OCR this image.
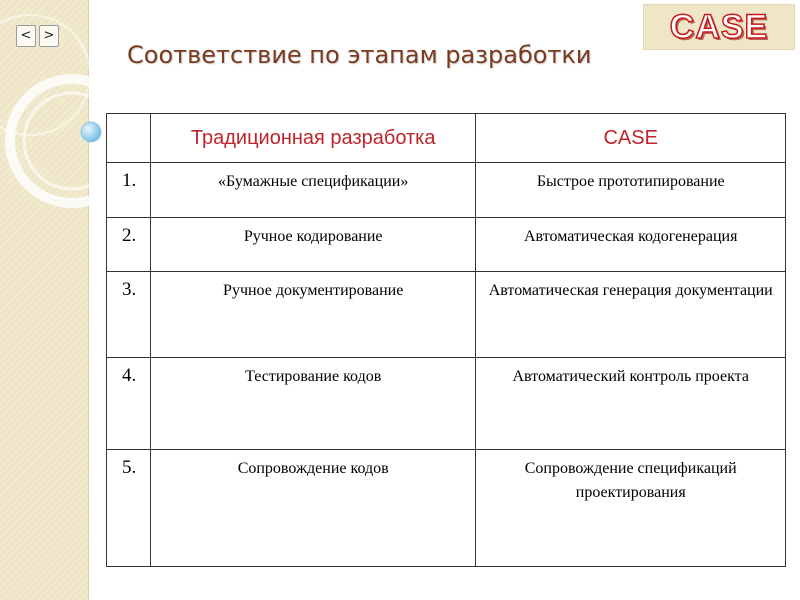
< >	CASE
Соответствие по этапам разработки
	Традиционная разработка	CASE
1.	«Бумажные спецификации»	Быстрое прототипирование
2.	Ручное кодирование	Автоматическая кодогенерация
3.	Ручное документирование	Автоматическая генерация документации
4.	Тестирование кодов	Автоматический контроль проекта
5.	Сопровождение кодов	Сопровождение спецификаций проектирования
